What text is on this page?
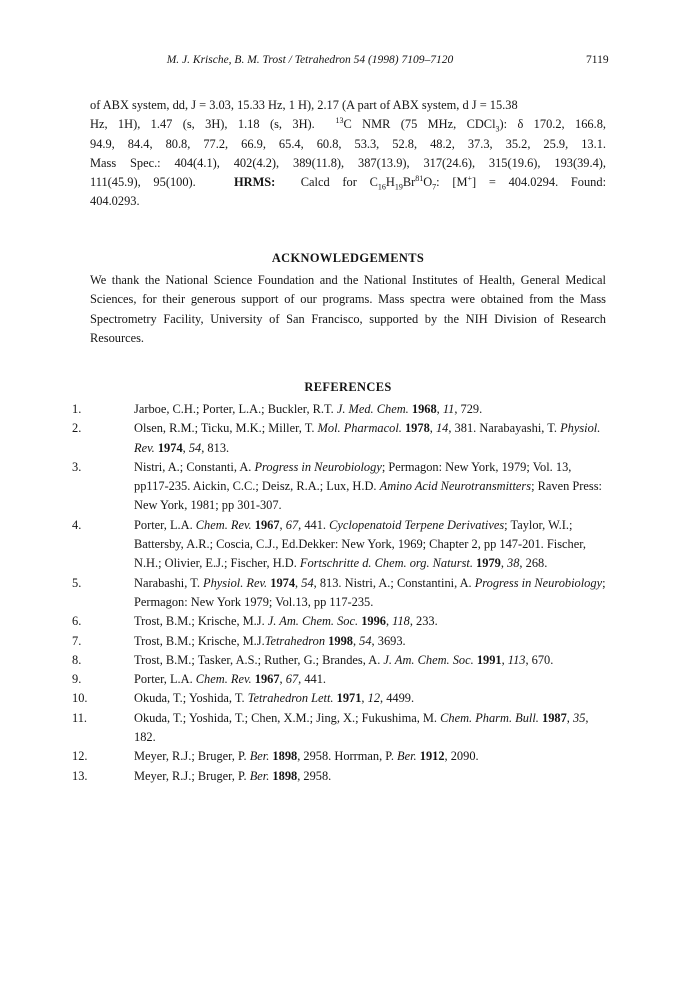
M. J. Krische, B. M. Trost / Tetrahedron 54 (1998) 7109–7120	7119

of ABX system, dd, J = 3.03, 15.33 Hz, 1 H), 2.17 (A part of ABX system, d J = 15.38

Hz, 1H), 1.47 (s, 3H), 1.18 (s, 3H).	$^{13}$C NMR (75 MHz, CDCl$_3$): δ 170.2, 166.8,

94.9, 84.4, 80.8, 77.2, 66.9, 65.4, 60.8, 53.3, 52.8, 48.2, 37.3, 35.2, 25.9, 13.1.

Mass Spec.: 404(4.1), 402(4.2), 389(11.8), 387(13.9), 317(24.6), 315(19.6), 193(39.4),

111(45.9), 95(100).	HRMS: Calcd for $C_{16}H_{19}Br^{81}O_7$: [M+] = 404.0294. Found:

404.0293.

ACKNOWLEDGEMENTS

We thank the National Science Foundation and the National Institutes of Health, General Medical Sciences, for their generous support of our programs. Mass spectra were obtained from the Mass Spectrometry Facility, University of San Francisco, supported by the NIH Division of Research Resources.

REFERENCES
1.	Jarboe, C.H.; Porter, L.A.; Buckler, R.T. J. Med. Chem. 1968, 11, 729.
2.	Olsen, R.M.; Ticku, M.K.; Miller, T. Mol. Pharmacol. 1978, 14, 381. Narabayashi, T. Physiol. Rev. 1974, 54, 813.
3.	Nistri, A.; Constanti, A. Progress in Neurobiology; Permagon: New York, 1979; Vol. 13, pp117-235. Aickin, C.C.; Deisz, R.A.; Lux, H.D. Amino Acid Neurotransmitters; Raven Press: New York, 1981; pp 301-307.
4.	Porter, L.A. Chem. Rev. 1967, 67, 441. Cyclopenatoid Terpene Derivatives; Taylor, W.I.; Battersby, A.R.; Coscia, C.J., Ed.Dekker: New York, 1969; Chapter 2, pp 147-201. Fischer, N.H.; Olivier, E.J.; Fischer, H.D. Fortschritte d. Chem. org. Naturst. 1979, 38, 268.
5.	Narabashi, T. Physiol. Rev. 1974, 54, 813. Nistri, A.; Constantini, A. Progress in Neurobiology; Permagon: New York 1979; Vol.13, pp 117-235.
6.	Trost, B.M.; Krische, M.J. J. Am. Chem. Soc. 1996, 118, 233.
7.	Trost, B.M.; Krische, M.J.Tetrahedron 1998, 54, 3693.
8.	Trost, B.M.; Tasker, A.S.; Ruther, G.; Brandes, A. J. Am. Chem. Soc. 1991, 113, 670.
9.	Porter, L.A. Chem. Rev. 1967, 67, 441.
10.	Okuda, T.; Yoshida, T. Tetrahedron Lett. 1971, 12, 4499.
11.	Okuda, T.; Yoshida, T.; Chen, X.M.; Jing, X.; Fukushima, M. Chem. Pharm. Bull. 1987, 35, 182.
12.	Meyer, R.J.; Bruger, P. Ber. 1898, 2958. Horrman, P. Ber. 1912, 2090.
13.	Meyer, R.J.; Bruger, P. Ber. 1898, 2958.
